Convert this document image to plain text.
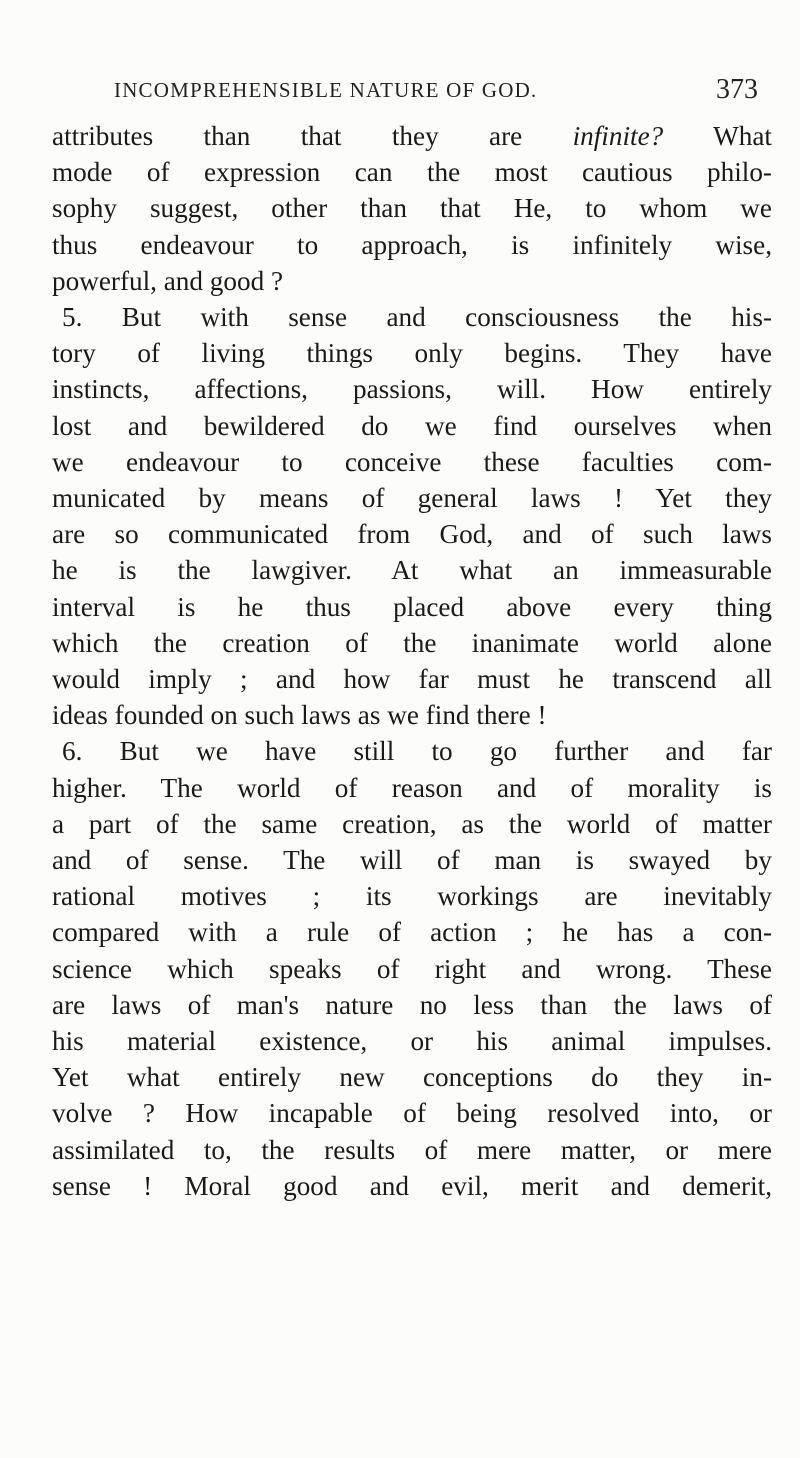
INCOMPREHENSIBLE NATURE OF GOD.	373
attributes than that they are infinite? What
mode of expression can the most cautious philo-
sophy suggest, other than that He, to whom we
thus endeavour to approach, is infinitely wise,
powerful, and good ?
5. But with sense and consciousness the his-
tory of living things only begins. They have
instincts, affections, passions, will. How entirely
lost and bewildered do we find ourselves when
we endeavour to conceive these faculties com-
municated by means of general laws ! Yet they
are so communicated from God, and of such laws
he is the lawgiver. At what an immeasurable
interval is he thus placed above every thing
which the creation of the inanimate world alone
would imply ; and how far must he transcend all
ideas founded on such laws as we find there !
6. But we have still to go further and far
higher. The world of reason and of morality is
a part of the same creation, as the world of matter
and of sense. The will of man is swayed by
rational motives ; its workings are inevitably
compared with a rule of action ; he has a con-
science which speaks of right and wrong. These
are laws of man's nature no less than the laws of
his material existence, or his animal impulses.
Yet what entirely new conceptions do they in-
volve ? How incapable of being resolved into, or
assimilated to, the results of mere matter, or mere
sense ! Moral good and evil, merit and demerit,
